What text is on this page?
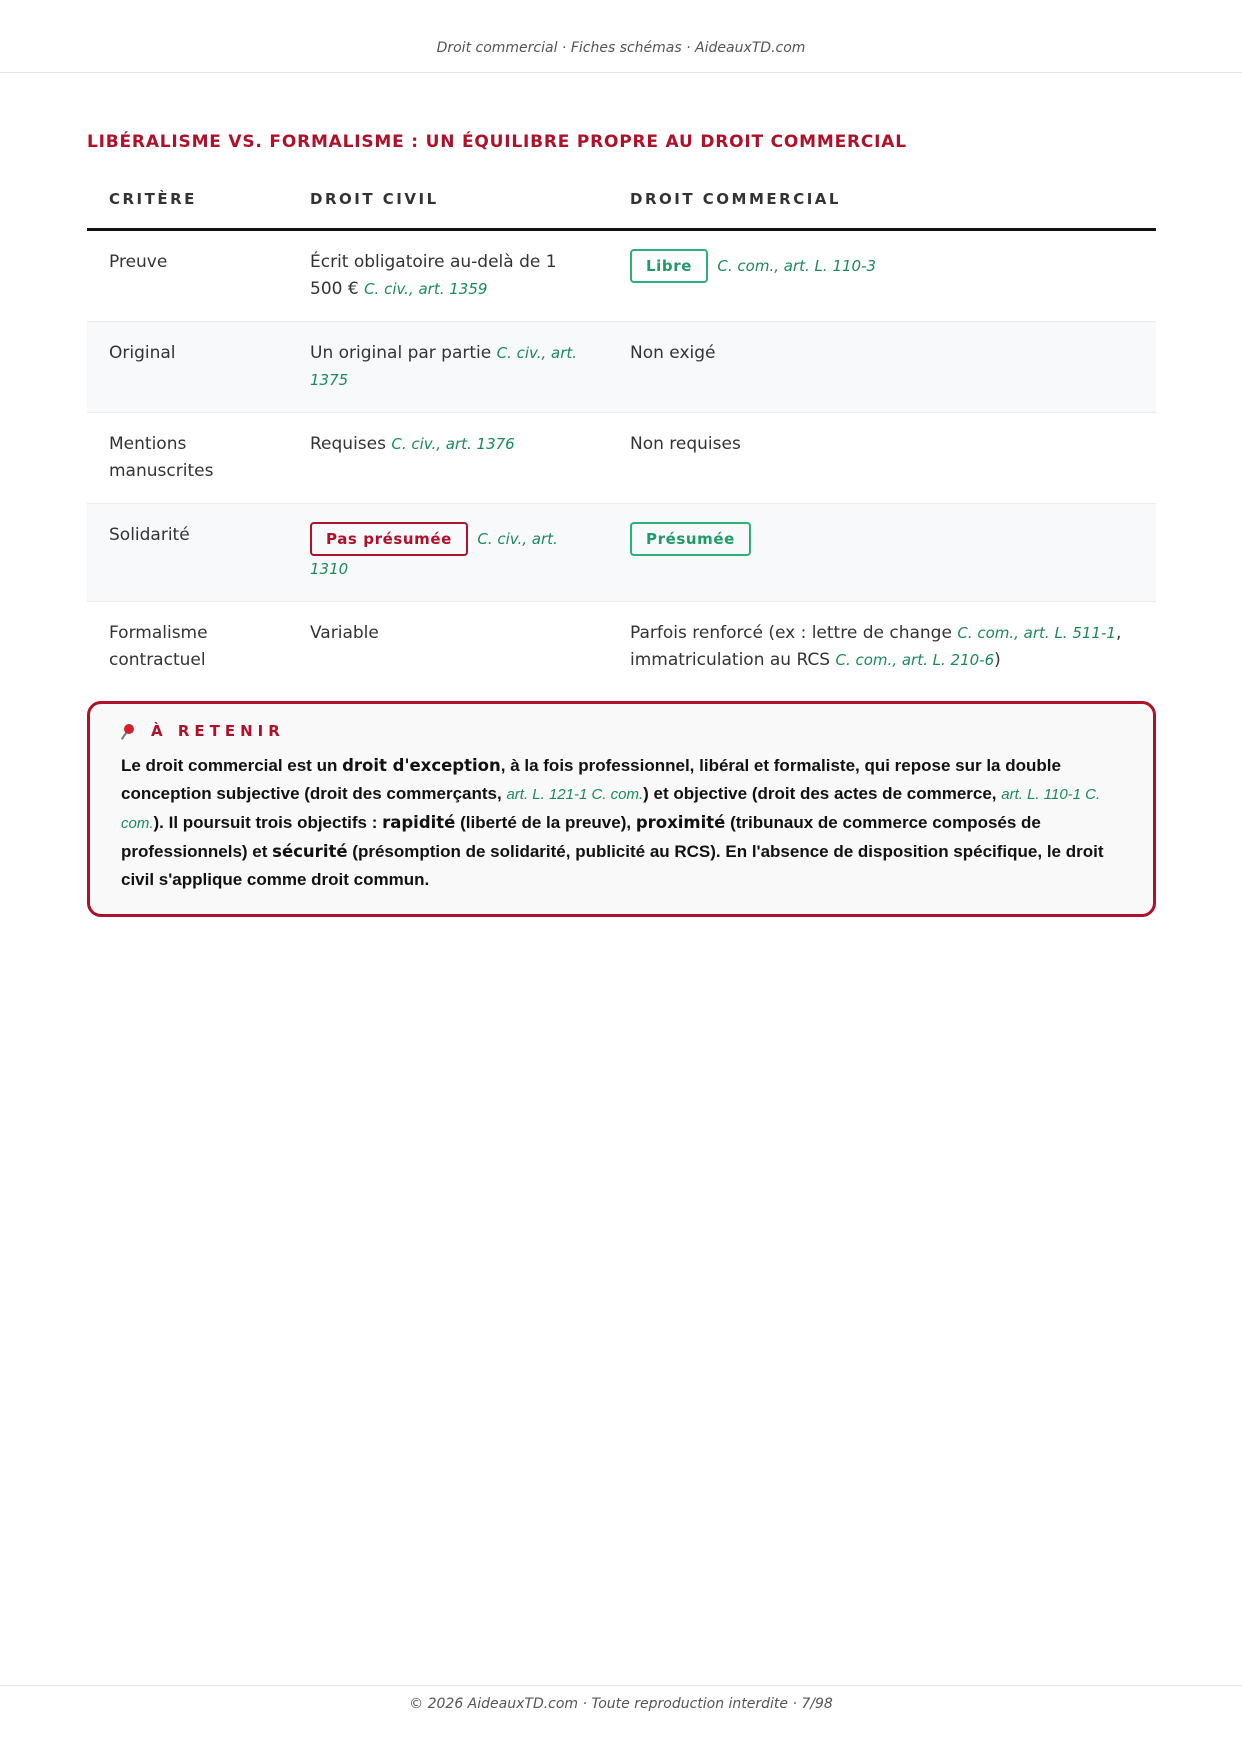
Droit commercial · Fiches schémas · AideauxTD.com
LIBÉRALISME VS. FORMALISME : UN ÉQUILIBRE PROPRE AU DROIT COMMERCIAL
CRITÈRE	DROIT CIVIL	DROIT COMMERCIAL
Preuve	Écrit obligatoire au-delà de 1 500 € C. civ., art. 1359	Libre C. com., art. L. 110-3
Original	Un original par partie C. civ., art. 1375	Non exigé
Mentions manuscrites	Requises C. civ., art. 1376	Non requises
Solidarité	Pas présumée C. civ., art. 1310	Présumée
Formalisme contractuel	Variable	Parfois renforcé (ex : lettre de change C. com., art. L. 511-1, immatriculation au RCS C. com., art. L. 210-6)
À RETENIR

Le droit commercial est un droit d'exception, à la fois professionnel, libéral et formaliste, qui repose sur la double conception subjective (droit des commerçants, art. L. 121-1 C. com.) et objective (droit des actes de commerce, art. L. 110-1 C. com.). Il poursuit trois objectifs : rapidité (liberté de la preuve), proximité (tribunaux de commerce composés de professionnels) et sécurité (présomption de solidarité, publicité au RCS). En l'absence de disposition spécifique, le droit civil s'applique comme droit commun.

© 2026 AideauxTD.com · Toute reproduction interdite · 7/98
